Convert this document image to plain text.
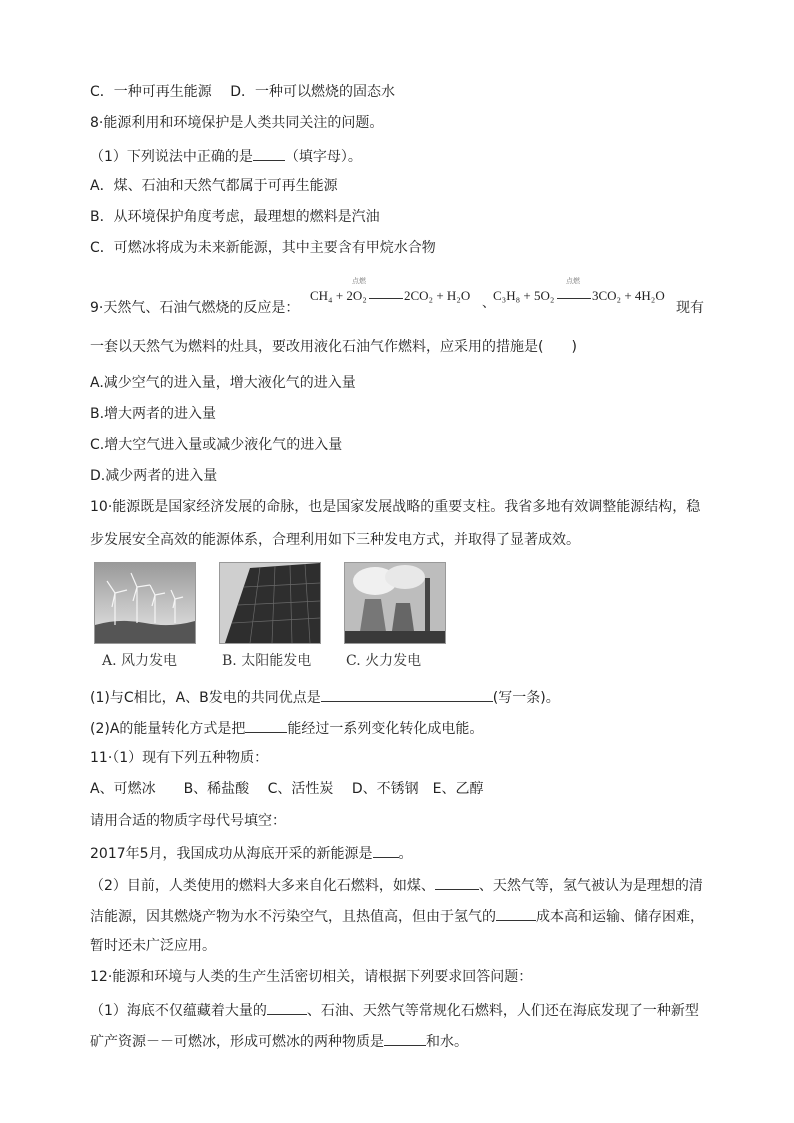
C．一种可再生能源　 D．一种可以燃烧的固态水
8·能源利用和环境保护是人类共同关注的问题。
（1）下列说法中正确的是 （填字母）。
A．煤、石油和天然气都属于可再生能源
B．从环境保护角度考虑，最理想的燃料是汽油
C．可燃冰将成为未来新能源，其中主要含有甲烷水合物
9·天然气、石油气燃烧的反应是：
点燃
CH₄ + 2O₂	2CO₂ + H₂O
、
点燃
C₃H₈ + 5O₂	3CO₂ + 4H₂O
现有
一套以天然气为燃料的灶具，要改用液化石油气作燃料，应采用的措施是( )
A.减少空气的进入量，增大液化气的进入量
B.增大两者的进入量
C.增大空气进入量或减少液化气的进入量
D.减少两者的进入量
10·能源既是国家经济发展的命脉，也是国家发展战略的重要支柱。我省多地有效调整能源结构，稳
步发展安全高效的能源体系，合理利用如下三种发电方式，并取得了显著成效。
A. 风力发电	B. 太阳能发电 C. 火力发电
(1)与C相比，A、B发电的共同优点是	(写一条)。
(2)A的能量转化方式是把	能经过一系列变化转化成电能。
11·（1）现有下列五种物质：
A、可燃冰　　B、稀盐酸　 C、活性炭　 D、不锈钢　E、乙醇
请用合适的物质字母代号填空：
2017年5月，我国成功从海底开采的新能源是 。
（2）目前，人类使用的燃料大多来自化石燃料，如煤、	、天然气等，氢气被认为是理想的清
洁能源，因其燃烧产物为水不污染空气，且热值高，但由于氢气的	成本高和运输、储存困难，
暂时还未广泛应用。
12·能源和环境与人类的生产生活密切相关，请根据下列要求回答问题：
（1）海底不仅蕴藏着大量的	、石油、天然气等常规化石燃料，人们还在海底发现了一种新型
矿产资源－－可燃冰，形成可燃冰的两种物质是	和水。
